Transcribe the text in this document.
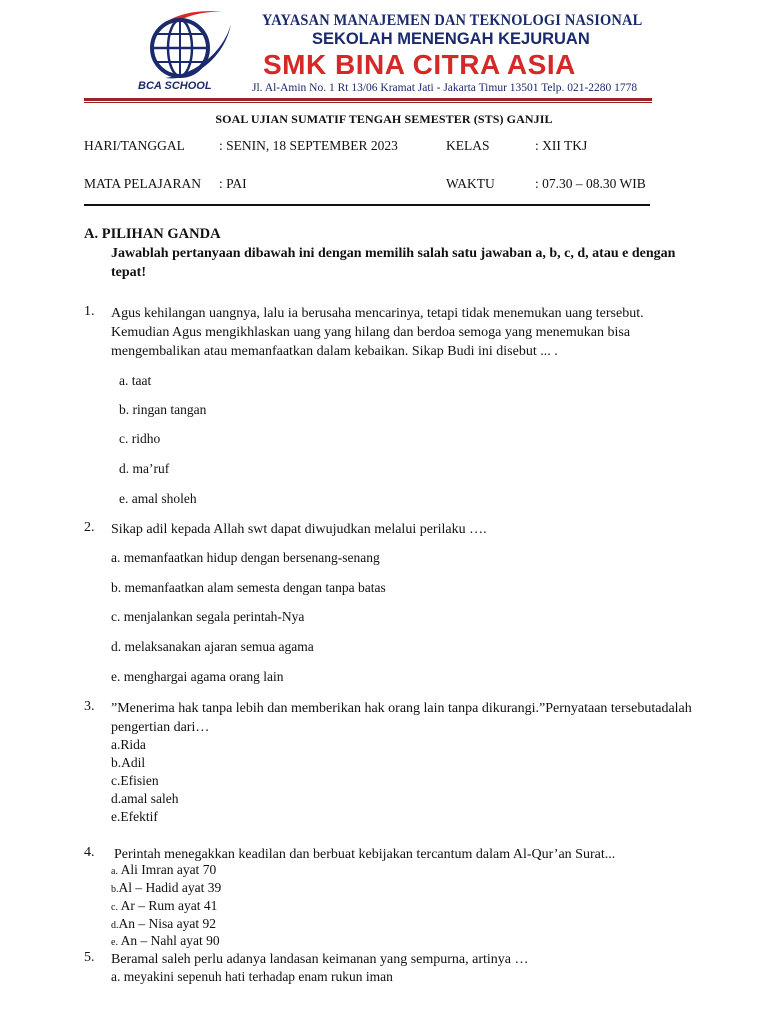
BCA SCHOOL
YAYASAN MANAJEMEN DAN TEKNOLOGI NASIONAL
SEKOLAH MENENGAH KEJURUAN
SMK BINA CITRA ASIA
Jl. Al-Amin No. 1 Rt 13/06 Kramat Jati - Jakarta Timur 13501 Telp. 021-2280 1778
SOAL UJIAN SUMATIF TENGAH SEMESTER (STS) GANJIL
HARI/TANGGAL	: SENIN, 18 SEPTEMBER 2023	KELAS	: XII TKJ
MATA PELAJARAN : PAI	WAKTU	: 07.30 – 08.30 WIB
A. PILIHAN GANDA
Jawablah pertanyaan dibawah ini dengan memilih salah satu jawaban a, b, c, d, atau e dengan tepat!
1. Agus kehilangan uangnya, lalu ia berusaha mencarinya, tetapi tidak menemukan uang tersebut. Kemudian Agus mengikhlaskan uang yang hilang dan berdoa semoga yang menemukan bisa mengembalikan atau memanfaatkan dalam kebaikan. Sikap Budi ini disebut ... .
a. taat
b. ringan tangan
c. ridho
d. ma’ruf
e. amal sholeh
2. Sikap adil kepada Allah swt dapat diwujudkan melalui perilaku ….
a. memanfaatkan hidup dengan bersenang-senang
b. memanfaatkan alam semesta dengan tanpa batas
c. menjalankan segala perintah-Nya
d. melaksanakan ajaran semua agama
e. menghargai agama orang lain
3. ”Menerima hak tanpa lebih dan memberikan hak orang lain tanpa dikurangi.”Pernyataan tersebutadalah pengertian dari…
a.Rida
b.Adil
c.Efisien
d.amal saleh
e.Efektif
4. Perintah menegakkan keadilan dan berbuat kebijakan tercantum dalam Al-Qur’an Surat...
a. Ali Imran ayat 70
b.Al – Hadid ayat 39
c. Ar – Rum ayat 41
d.An – Nisa ayat 92
e. An – Nahl ayat 90
5. Beramal saleh perlu adanya landasan keimanan yang sempurna, artinya …
a. meyakini sepenuh hati terhadap enam rukun iman
